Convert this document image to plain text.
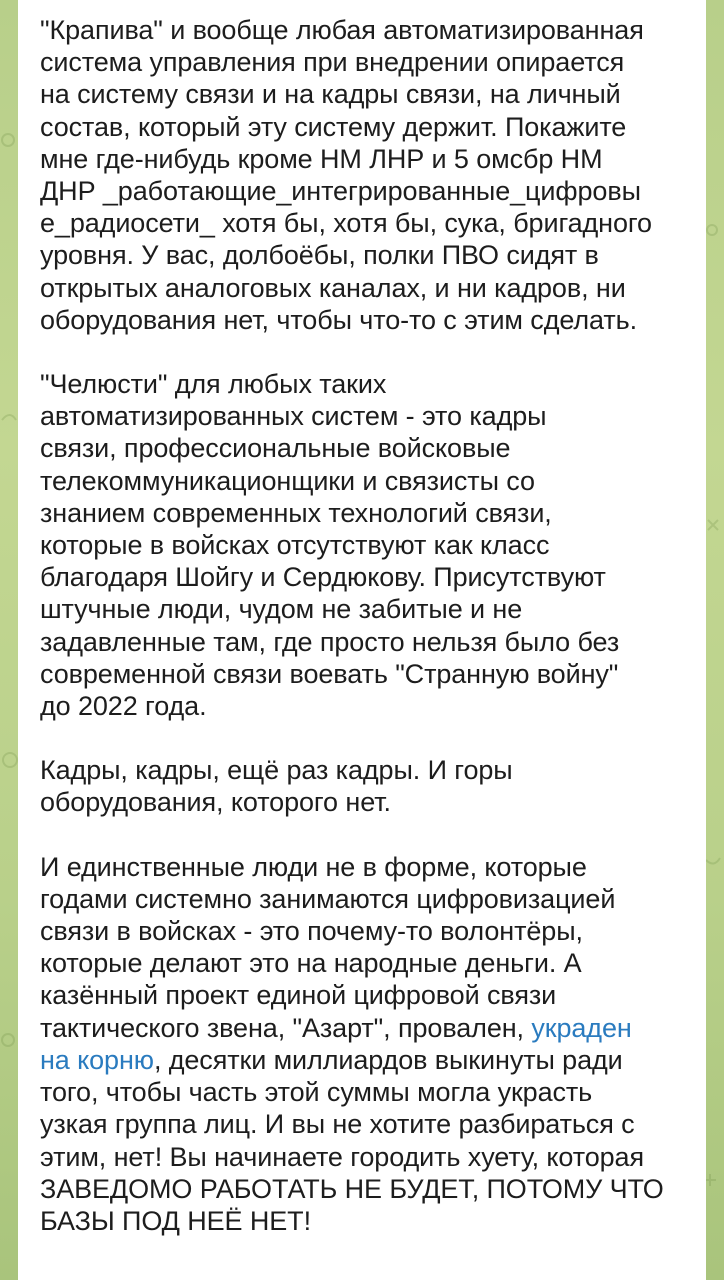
"Крапива" и вообще любая автоматизированная
система управления при внедрении опирается
на систему связи и на кадры связи, на личный
состав, который эту систему держит. Покажите
мне где-нибудь кроме НМ ЛНР и 5 омсбр НМ
ДНР _работающие_интегрированные_цифровы
е_радиосети_ хотя бы, хотя бы, сука, бригадного
уровня. У вас, долбоёбы, полки ПВО сидят в
открытых аналоговых каналах, и ни кадров, ни
оборудования нет, чтобы что-то с этим сделать.

"Челюсти" для любых таких
автоматизированных систем - это кадры
связи, профессиональные войсковые
телекоммуникационщики и связисты со
знанием современных технологий связи,
которые в войсках отсутствуют как класс
благодаря Шойгу и Сердюкову. Присутствуют
штучные люди, чудом не забитые и не
задавленные там, где просто нельзя было без
современной связи воевать "Странную войну"
до 2022 года.

Кадры, кадры, ещё раз кадры. И горы
оборудования, которого нет.

И единственные люди не в форме, которые
годами системно занимаются цифровизацией
связи в войсках - это почему-то волонтёры,
которые делают это на народные деньги. А
казённый проект единой цифровой связи
тактического звена, "Азарт", провален, украден
на корню, десятки миллиардов выкинуты ради
того, чтобы часть этой суммы могла украсть
узкая группа лиц. И вы не хотите разбираться с
этим, нет! Вы начинаете городить хуету, которая
ЗАВЕДОМО РАБОТАТЬ НЕ БУДЕТ, ПОТОМУ ЧТО
БАЗЫ ПОД НЕЁ НЕТ!
